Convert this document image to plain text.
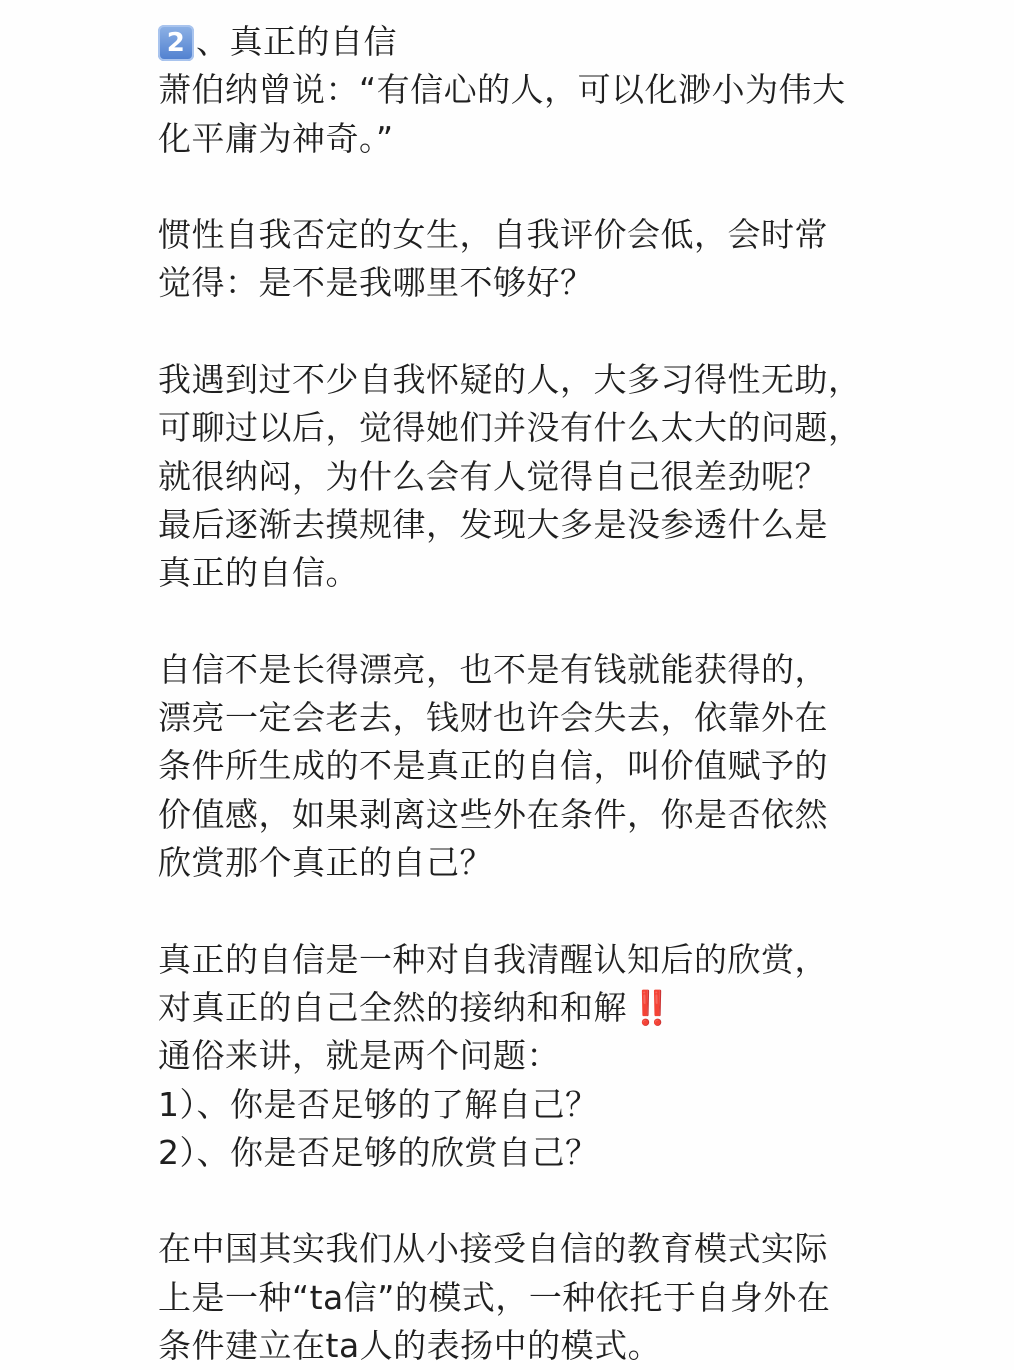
2 、真正的自信
萧伯纳曾说：“有信心的人，可以化渺小为伟大
化平庸为神奇。”
惯性自我否定的女生，自我评价会低，会时常
觉得：是不是我哪里不够好？
我遇到过不少自我怀疑的人，大多习得性无助，
可聊过以后，觉得她们并没有什么太大的问题，
就很纳闷，为什么会有人觉得自己很差劲呢？
最后逐渐去摸规律，发现大多是没参透什么是
真正的自信。
自信不是长得漂亮，也不是有钱就能获得的，
漂亮一定会老去，钱财也许会失去，依靠外在
条件所生成的不是真正的自信，叫价值赋予的
价值感，如果剥离这些外在条件，你是否依然
欣赏那个真正的自己？
真正的自信是一种对自我清醒认知后的欣赏，
对真正的自己全然的接纳和和解 ‼️
通俗来讲，就是两个问题：
1）、你是否足够的了解自己？
2）、你是否足够的欣赏自己？
在中国其实我们从小接受自信的教育模式实际
上是一种“ta信”的模式，一种依托于自身外在
条件建立在ta人的表扬中的模式。
